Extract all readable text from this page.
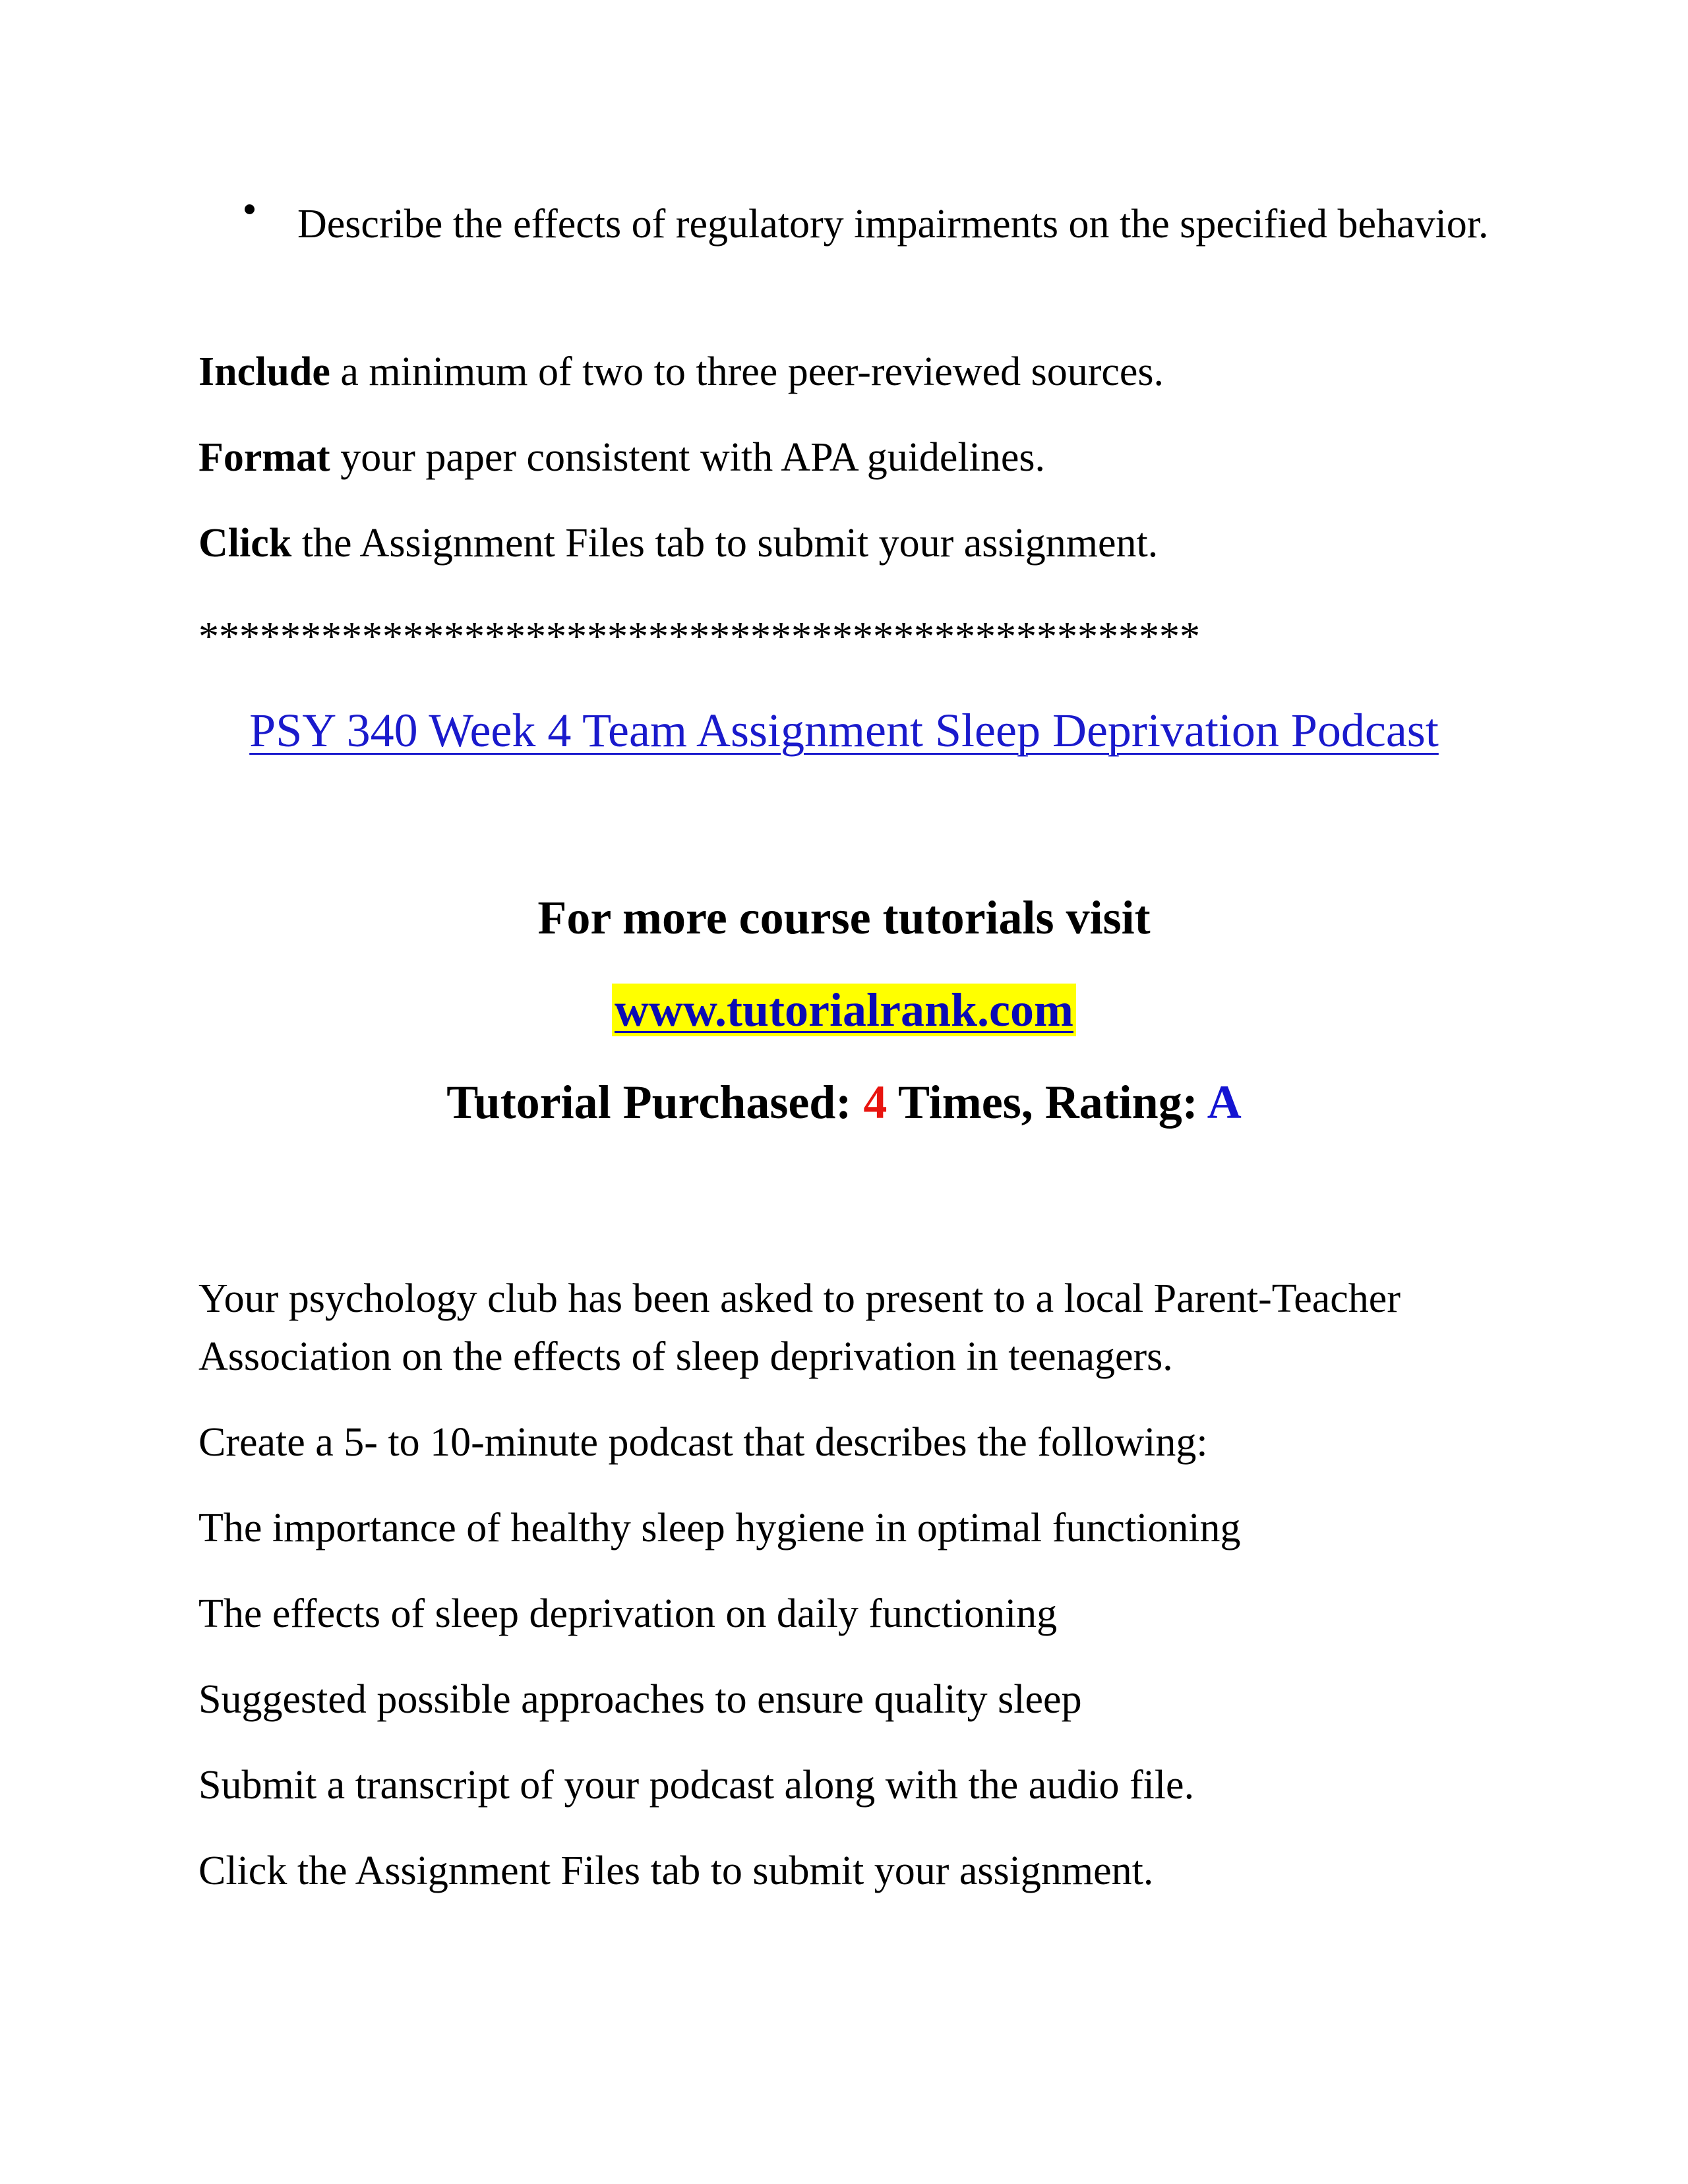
Describe the effects of regulatory impairments on the specified behavior.

Include a minimum of two to three peer-reviewed sources.

Format your paper consistent with APA guidelines.

Click the Assignment Files tab to submit your assignment.

*************************************************

PSY 340 Week 4 Team Assignment Sleep Deprivation Podcast

For more course tutorials visit

www.tutorialrank.com

Tutorial Purchased: 4 Times, Rating: A

Your psychology club has been asked to present to a local Parent-Teacher Association on the effects of sleep deprivation in teenagers.

Create a 5- to 10-minute podcast that describes the following:

The importance of healthy sleep hygiene in optimal functioning

The effects of sleep deprivation on daily functioning

Suggested possible approaches to ensure quality sleep

Submit a transcript of your podcast along with the audio file.

Click the Assignment Files tab to submit your assignment.
